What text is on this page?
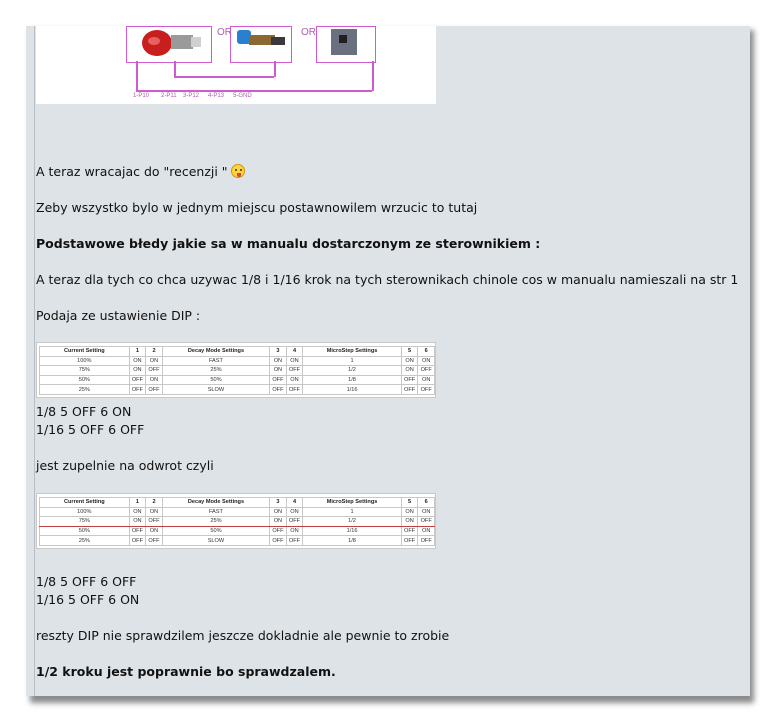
OR	OR
1-P10 2-P11 3-P12 4-P13 5-GND
A teraz wracajac do "recenzji "
Zeby wszystko bylo w jednym miejscu postawnowilem wrzucic to tutaj
Podstawowe błedy jakie sa w manualu dostarczonym ze sterownikiem :
A teraz dla tych co chca uzywac 1/8 i 1/16 krok na tych sterownikach chinole cos w manualu namieszali na str 1
Podaja ze ustawienie DIP :
Current Setting	1	2	Decay Mode Settings	3	4	MicroStep Settings	5	6
100%	ON	ON	FAST	ON	ON	1	ON	ON
75%	ON	OFF	25%	ON	OFF	1/2	ON	OFF
50%	OFF	ON	50%	OFF	ON	1/8	OFF	ON
25%	OFF	OFF	SLOW	OFF	OFF	1/16	OFF	OFF
1/8 5 OFF 6 ON
1/16 5 OFF 6 OFF
jest zupelnie na odwrot czyli
Current Setting	1	2	Decay Mode Settings	3	4	MicroStep Settings	5	6
100%	ON	ON	FAST	ON	ON	1	ON	ON
75%	ON	OFF	25%	ON	OFF	1/2	ON	OFF
50%	OFF	ON	50%	OFF	ON	1/16	OFF	ON
25%	OFF	OFF	SLOW	OFF	OFF	1/8	OFF	OFF
1/8 5 OFF 6 OFF
1/16 5 OFF 6 ON
reszty DIP nie sprawdzilem jeszcze dokladnie ale pewnie to zrobie
1/2 kroku jest poprawnie bo sprawdzalem.
